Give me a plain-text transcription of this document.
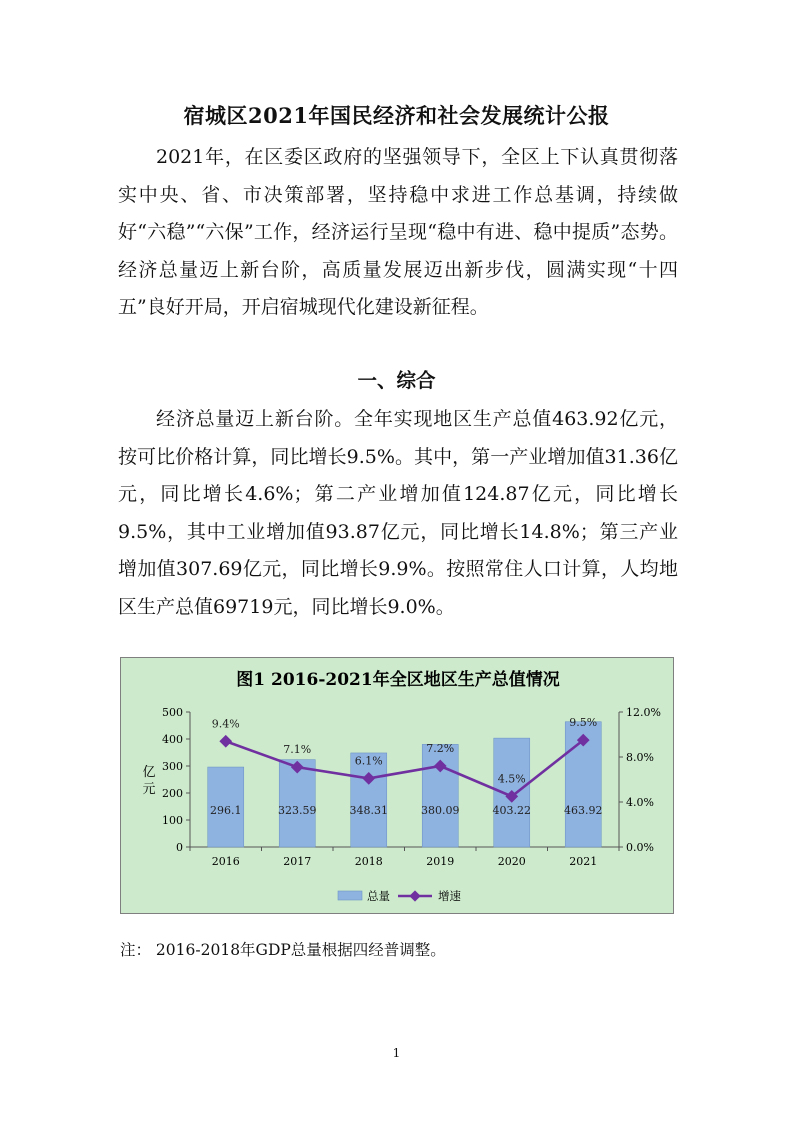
宿城区2021年国民经济和社会发展统计公报

2021年，在区委区政府的坚强领导下，全区上下认真贯彻落实中央、省、市决策部署，坚持稳中求进工作总基调，持续做好“六稳”“六保”工作，经济运行呈现“稳中有进、稳中提质”态势。经济总量迈上新台阶，高质量发展迈出新步伐，圆满实现“十四五”良好开局，开启宿城现代化建设新征程。

一、综合

经济总量迈上新台阶。全年实现地区生产总值463.92亿元，按可比价格计算，同比增长9.5%。其中，第一产业增加值31.36亿元，同比增长4.6%；第二产业增加值124.87亿元，同比增长9.5%，其中工业增加值93.87亿元，同比增长14.8%；第三产业增加值307.69亿元，同比增长9.9%。按照常住人口计算，人均地区生产总值69719元，同比增长9.0%。

图1 2016-2021年全区地区生产总值情况
0
100
200
300
400
500
0.0%
4.0%
8.0%
12.0%
亿
元
296.1
2016
323.59
2017
348.31
2018
380.09
2019
403.22
2020
463.92
2021
9.4%
7.1%
6.1%
7.2%
4.5%
9.5%
总量	增速
注： 2016-2018年GDP总量根据四经普调整。
1
